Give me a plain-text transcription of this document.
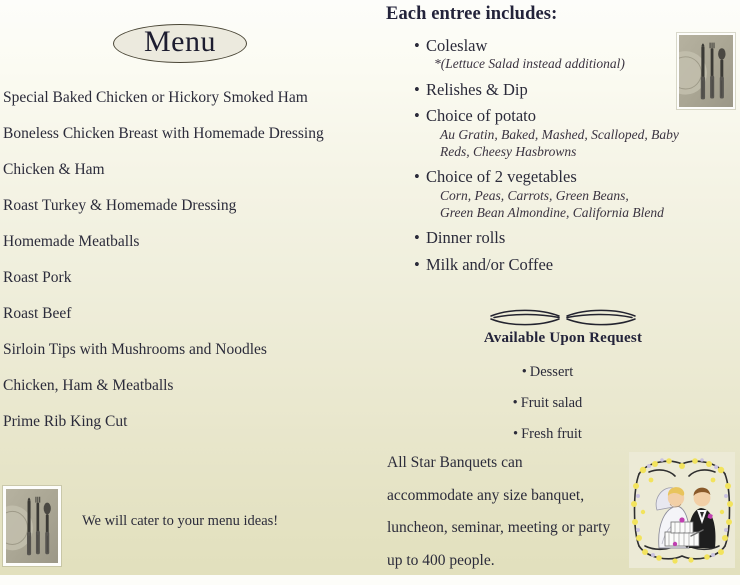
Menu
Special Baked Chicken or Hickory Smoked Ham
Boneless Chicken Breast with Homemade Dressing
Chicken & Ham
Roast Turkey & Homemade Dressing
Homemade Meatballs
Roast Pork
Roast Beef
Sirloin Tips with Mushrooms and Noodles
Chicken, Ham & Meatballs
Prime Rib King Cut
We will cater to your menu ideas!
Each entree includes:
• Coleslaw
*(Lettuce Salad instead additional)
• Relishes & Dip
• Choice of potato
Au Gratin, Baked, Mashed, Scalloped, Baby
Reds, Cheesy Hasbrowns
• Choice of 2 vegetables
Corn, Peas, Carrots, Green Beans,
Green Bean Almondine, California Blend
• Dinner rolls
• Milk and/or Coffee
Available Upon Request
• Dessert
• Fruit salad
• Fresh fruit
All Star Banquets can
accommodate any size banquet,
luncheon, seminar, meeting or party
up to 400 people.
